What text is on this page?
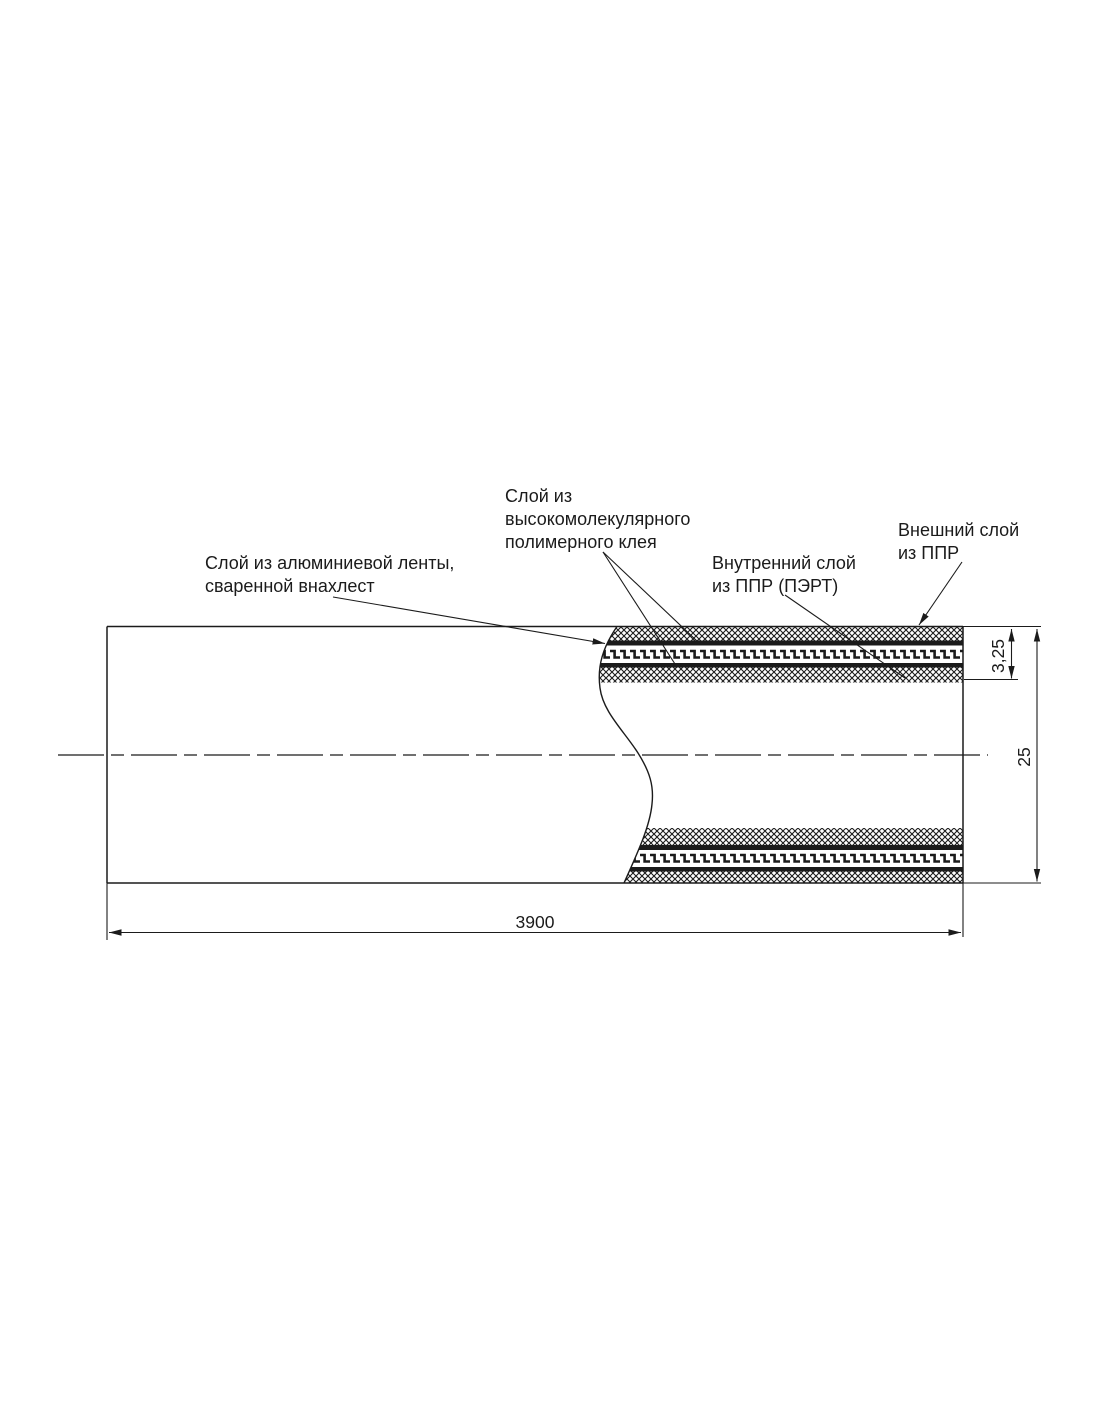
3900
3,25
25
Слой из
высокомолекулярного
полимерного клея
Слой из алюминиевой ленты,
сваренной внахлест
Внутренний слой
из ППР (ПЭРТ)
Внешний слой
из ППР
